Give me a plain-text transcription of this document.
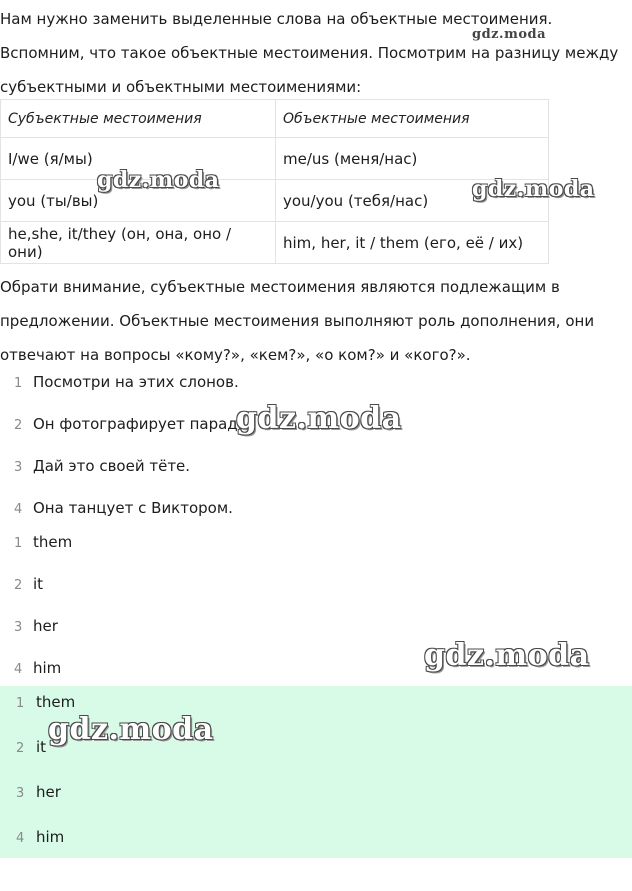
Нам нужно заменить выделенные слова на объектные местоимения.
Вспомним, что такое объектные местоимения. Посмотрим на разницу между
субъектными и объектными местоимениями:
Субъектные местоимения	Объектные местоимения
I/we (я/мы)	me/us (меня/нас)
you (ты/вы)	you/you (тебя/нас)
he,she, it/they (он, она, оно / они)	him, her, it / them (его, её / их)
Обрати внимание, субъектные местоимения являются подлежащим в
предложении. Объектные местоимения выполняют роль дополнения, они
отвечают на вопросы «кому?», «кем?», «о ком?» и «кого?».
1 Посмотри на этих слонов.
2 Он фотографирует парад.
3 Дай это своей тёте.
4 Она танцует с Виктором.
1 them
2 it
3 her
4 him
1 them
2 it
3 her
4 him
gdz.moda
gdz.moda	gdz.moda
gdz.moda
gdz.moda
gdz.moda
